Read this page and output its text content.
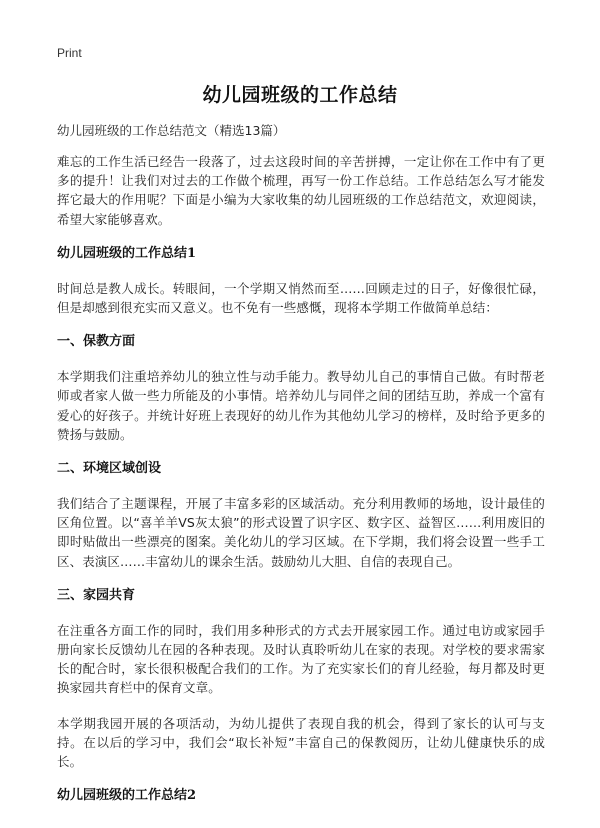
Print
幼儿园班级的工作总结
幼儿园班级的工作总结范文（精选13篇）

难忘的工作生活已经告一段落了，过去这段时间的辛苦拼搏，一定让你在工作中有了更多的提升！让我们对过去的工作做个梳理，再写一份工作总结。工作总结怎么写才能发挥它最大的作用呢？下面是小编为大家收集的幼儿园班级的工作总结范文，欢迎阅读，希望大家能够喜欢。

幼儿园班级的工作总结1

时间总是教人成长。转眼间，一个学期又悄然而至……回顾走过的日子，好像很忙碌，但是却感到很充实而又意义。也不免有一些感慨，现将本学期工作做简单总结：

一、保教方面

本学期我们注重培养幼儿的独立性与动手能力。教导幼儿自己的事情自己做。有时帮老师或者家人做一些力所能及的小事情。培养幼儿与同伴之间的团结互助，养成一个富有爱心的好孩子。并统计好班上表现好的幼儿作为其他幼儿学习的榜样，及时给予更多的赞扬与鼓励。

二、环境区域创设

我们结合了主题课程，开展了丰富多彩的区域活动。充分利用教师的场地，设计最佳的区角位置。以“喜羊羊VS灰太狼”的形式设置了识字区、数字区、益智区……利用废旧的即时贴做出一些漂亮的图案。美化幼儿的学习区域。在下学期，我们将会设置一些手工区、表演区……丰富幼儿的课余生活。鼓励幼儿大胆、自信的表现自己。

三、家园共育

在注重各方面工作的同时，我们用多种形式的方式去开展家园工作。通过电访或家园手册向家长反馈幼儿在园的各种表现。及时认真聆听幼儿在家的表现。对学校的要求需家长的配合时，家长很积极配合我们的工作。为了充实家长们的育儿经验，每月都及时更换家园共育栏中的保育文章。

本学期我园开展的各项活动，为幼儿提供了表现自我的机会，得到了家长的认可与支持。在以后的学习中，我们会“取长补短”丰富自己的保教阅历，让幼儿健康快乐的成长。

幼儿园班级的工作总结2
